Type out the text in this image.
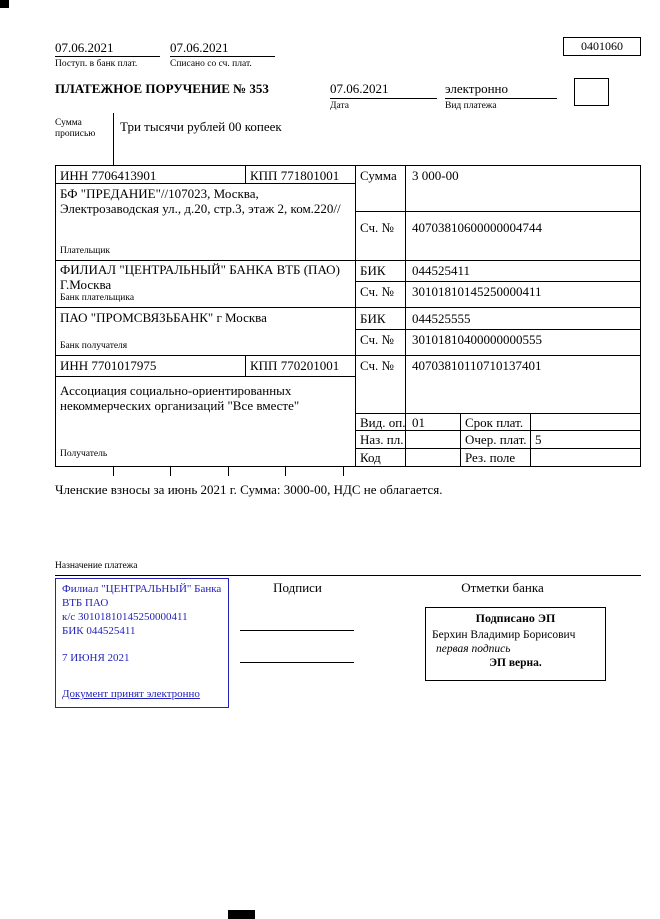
07.06.2021
Поступ. в банк плат.
07.06.2021
Списано со сч. плат.
0401060
ПЛАТЕЖНОЕ ПОРУЧЕНИЕ № 353	07.06.2021
Дата
электронно
Вид платежа
Сумма прописью
Три тысячи рублей 00 копеек
ИНН 7706413901	КПП 771801001 Сумма 3 000-00
БФ "ПРЕДАНИЕ"//107023, Москва, Электрозаводская ул., д.20, стр.3, этаж 2, ком.220//
Сч. № 40703810600000004744
Плательщик
ФИЛИАЛ "ЦЕНТРАЛЬНЫЙ" БАНКА ВТБ (ПАО) Г.Москва
БИК 044525411
Сч. № 30101810145250000411
Банк плательщика
ПАО "ПРОМСВЯЗЬБАНК" г Москва	БИК 044525555
Сч. № 30101810400000000555
Банк получателя
ИНН 7701017975	КПП 770201001 Сч. № 40703810110710137401
Ассоциация социально-ориентированных некоммерческих организаций "Все вместе"
Получатель
Вид. оп. 01	Срок плат.
Наз. пл.	Очер. плат. 5
Код	Рез. поле
Членские взносы за июнь 2021 г. Сумма: 3000-00, НДС не облагается.
Назначение платежа
Филиал "ЦЕНТРАЛЬНЫЙ" Банка
ВТБ ПАО
к/с 30101810145250000411
БИК 044525411
7 ИЮНЯ 2021
Документ принят электронно
Подписи	Отметки банка
Подписано ЭП
Берхин Владимир Борисович
первая подпись
ЭП верна.
